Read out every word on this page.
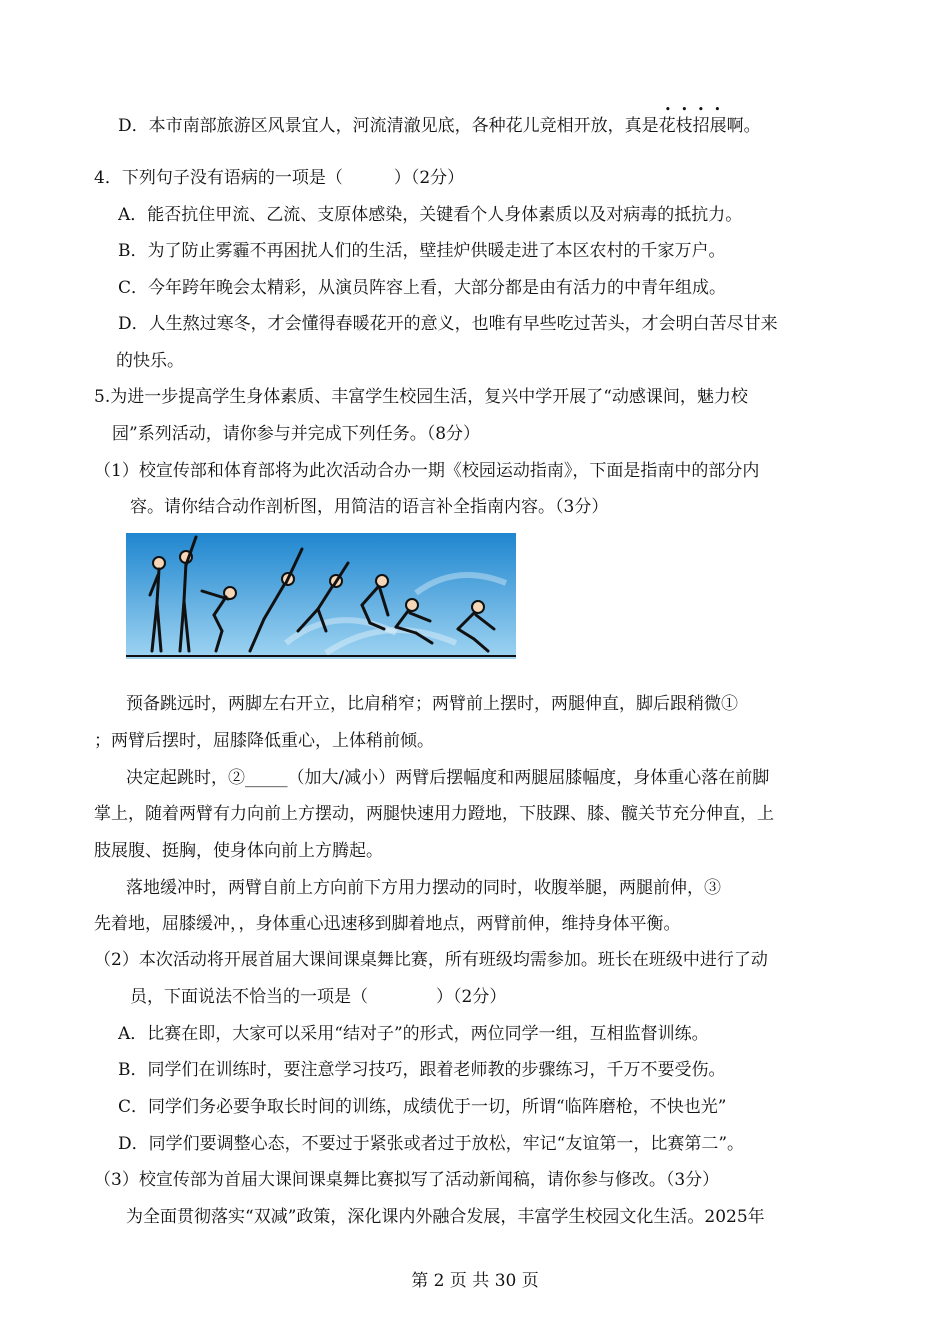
D．本市南部旅游区风景宜人，河流清澈见底，各种花儿竞相开放，真是•  • 花枝招展啊。
4．下列句子没有语病的一项是（　　　）（2分）
A．能否抗住甲流、乙流、支原体感染，关键看个人身体素质以及对病毒的抵抗力。
B．为了防止雾霾不再困扰人们的生活，壁挂炉供暖走进了本区农村的千家万户。
C．今年跨年晚会太精彩，从演员阵容上看，大部分都是由有活力的中青年组成。
D．人生熬过寒冬，才会懂得春暖花开的意义，也唯有早些吃过苦头，才会明白苦尽甘来
的快乐。
5.为进一步提高学生身体素质、丰富学生校园生活，复兴中学开展了“动感课间，魅力校
园”系列活动，请你参与并完成下列任务。（8分）
（1）校宣传部和体育部将为此次活动合办一期《校园运动指南》，下面是指南中的部分内
容。请你结合动作剖析图，用简洁的语言补全指南内容。（3分）
预备跳远时，两脚左右开立，比肩稍窄；两臂前上摆时，两腿伸直，脚后跟稍微①
；两臂后摆时，屈膝降低重心，上体稍前倾。
决定起跳时，②_____（加大/减小）两臂后摆幅度和两腿屈膝幅度，身体重心落在前脚
掌上，随着两臂有力向前上方摆动，两腿快速用力蹬地，下肢踝、膝、髋关节充分伸直，上
肢展腹、挺胸，使身体向前上方腾起。
落地缓冲时，两臂自前上方向前下方用力摆动的同时，收腹举腿，两腿前伸，③
先着地，屈膝缓冲，，身体重心迅速移到脚着地点，两臂前伸，维持身体平衡。
（2）本次活动将开展首届大课间课桌舞比赛，所有班级均需参加。班长在班级中进行了动
员，下面说法不恰当的一项是（　　　　）（2分）
A．比赛在即，大家可以采用“结对子”的形式，两位同学一组，互相监督训练。
B．同学们在训练时，要注意学习技巧，跟着老师教的步骤练习，千万不要受伤。
C．同学们务必要争取长时间的训练，成绩优于一切，所谓“临阵磨枪，不快也光”
D．同学们要调整心态，不要过于紧张或者过于放松，牢记“友谊第一，比赛第二”。
（3）校宣传部为首届大课间课桌舞比赛拟写了活动新闻稿，请你参与修改。（3分）
为全面贯彻落实“双减”政策，深化课内外融合发展，丰富学生校园文化生活。2025年
第 2 页 共 30 页
